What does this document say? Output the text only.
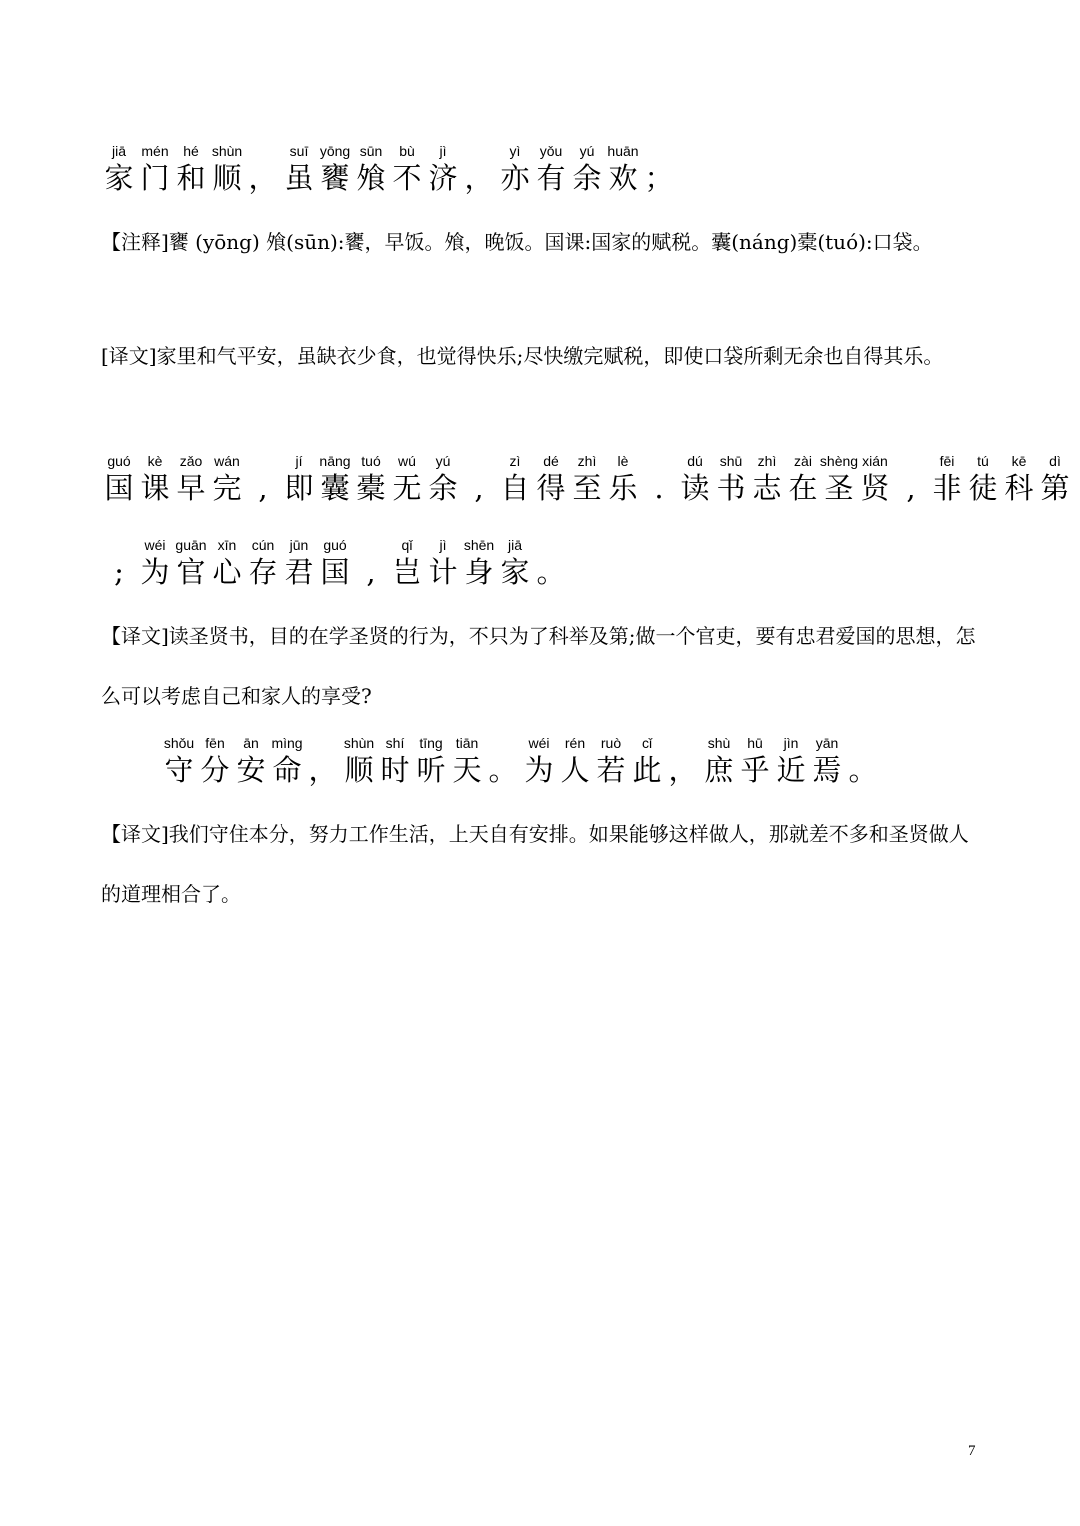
jiā
家
mén
门
hé
和
shùn
顺 ，
suī
虽
yōng
饔
sūn
飧
bù
不
jì
济 ，
yì
亦
yǒu
有
yú
余
huān
欢 ；

【注释]饔 (yōng) 飧(sūn):饔，早饭。飧，晚饭。国课:国家的赋税。囊(náng)橐(tuó):口袋。

[译文]家里和气平安，虽缺衣少食，也觉得快乐;尽快缴完赋税，即使口袋所剩无余也自得其乐。

guó
国
kè
课
zǎo
早
wán
完 ,
jí
即
nāng
囊
tuó
橐
wú
无
yú
余 ,
zì
自
dé
得
zhì
至
lè
乐 .
dú
读
shū
书
zhì
志
zài
在
shèng
圣
xián
贤 ,
fēi
非
tú
徒
kē
科
dì
第
;
wéi
为
guān
官
xīn
心
cún
存
jūn
君
guó
国 ,
qǐ
岂
jì
计
shēn
身
jiā
家 。

【译文]读圣贤书，目的在学圣贤的行为，不只为了科举及第;做一个官吏，要有忠君爱国的思想，怎么可以考虑自己和家人的享受?

shǒu
守
fēn
分
ān
安
mìng
命 ，
shùn
顺
shí
时
tīng
听
tiān
天 。
wéi
为
rén
人
ruò
若
cǐ
此 ，
shù
庶
hū
乎
jìn
近
yān
焉 。

【译文]我们守住本分，努力工作生活，上天自有安排。如果能够这样做人，那就差不多和圣贤做人的道理相合了。

7
